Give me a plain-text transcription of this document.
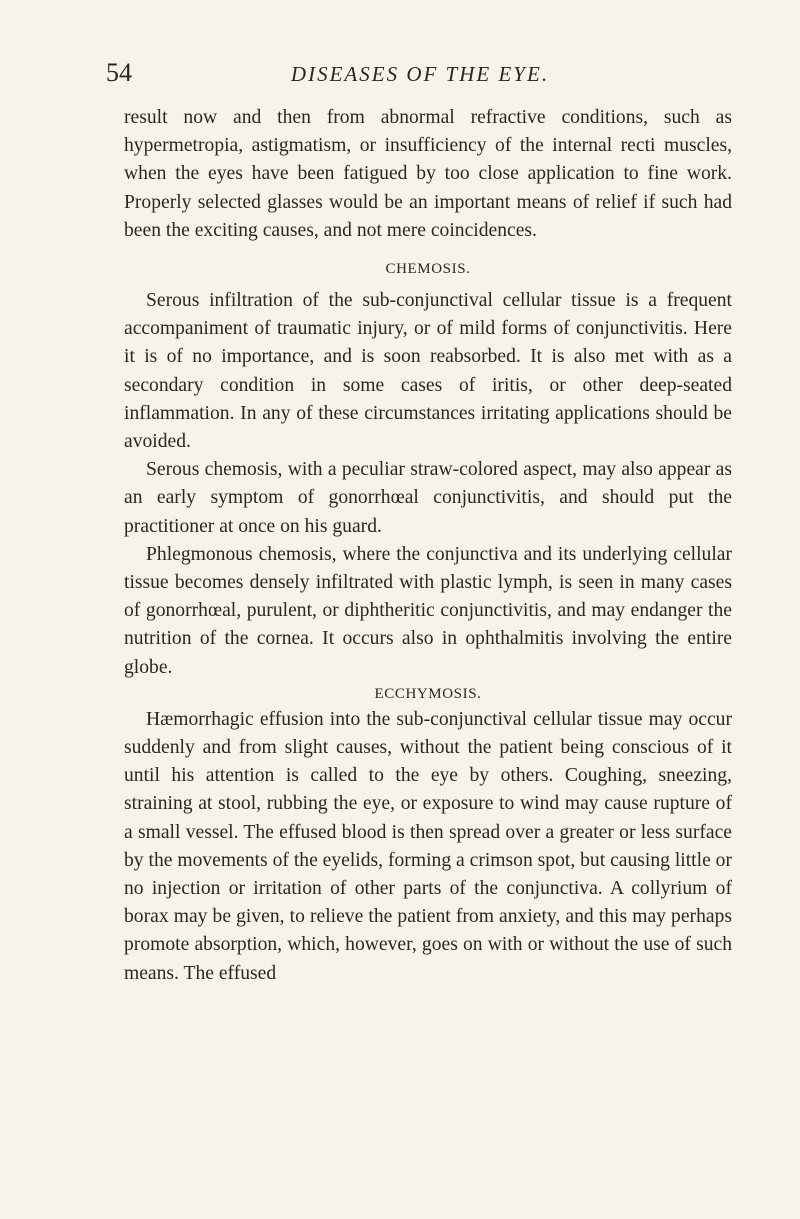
54	DISEASES OF THE EYE.

result now and then from abnormal refractive conditions, such as hypermetropia, astigmatism, or insufficiency of the internal recti muscles, when the eyes have been fatigued by too close application to fine work. Properly selected glasses would be an important means of relief if such had been the exciting causes, and not mere coincidences.

CHEMOSIS.

Serous infiltration of the sub-conjunctival cellular tissue is a frequent accompaniment of traumatic injury, or of mild forms of conjunctivitis. Here it is of no importance, and is soon reabsorbed. It is also met with as a secondary condition in some cases of iritis, or other deep-seated inflammation. In any of these circumstances irritating applications should be avoided.

Serous chemosis, with a peculiar straw-colored aspect, may also appear as an early symptom of gonorrhœal conjunctivitis, and should put the practitioner at once on his guard.

Phlegmonous chemosis, where the conjunctiva and its underlying cellular tissue becomes densely infiltrated with plastic lymph, is seen in many cases of gonorrhœal, purulent, or diphtheritic conjunctivitis, and may endanger the nutrition of the cornea. It occurs also in ophthalmitis involving the entire globe.

ECCHYMOSIS.

Hæmorrhagic effusion into the sub-conjunctival cellular tissue may occur suddenly and from slight causes, without the patient being conscious of it until his attention is called to the eye by others. Coughing, sneezing, straining at stool, rubbing the eye, or exposure to wind may cause rupture of a small vessel. The effused blood is then spread over a greater or less surface by the movements of the eyelids, forming a crimson spot, but causing little or no injection or irritation of other parts of the conjunctiva. A collyrium of borax may be given, to relieve the patient from anxiety, and this may perhaps promote absorption, which, however, goes on with or without the use of such means. The effused
